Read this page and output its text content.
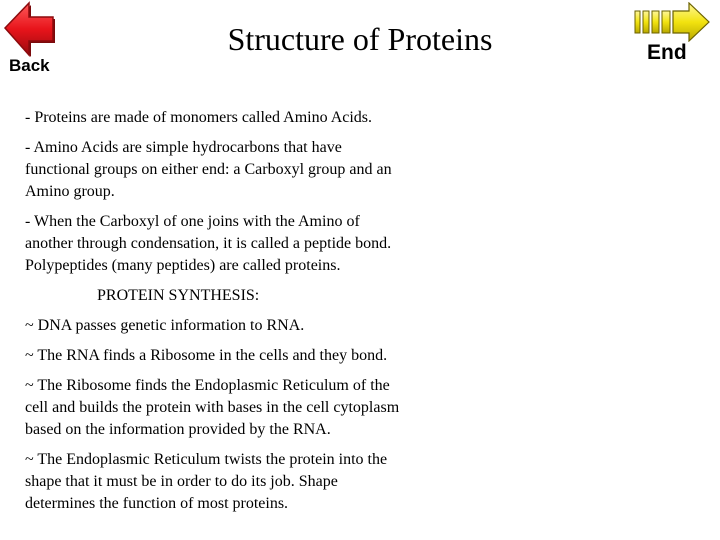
Back
End
Structure of Proteins

- Proteins are made of monomers called Amino Acids.

- Amino Acids are simple hydrocarbons that have
functional groups on either end: a Carboxyl group and an
Amino group.

- When the Carboxyl of one joins with the Amino of
another through condensation, it is called a peptide bond.
Polypeptides (many peptides) are called proteins.

PROTEIN SYNTHESIS:

~ DNA passes genetic information to RNA.

~ The RNA finds a Ribosome in the cells and they bond.

~ The Ribosome finds the Endoplasmic Reticulum of the
cell and builds the protein with bases in the cell cytoplasm
based on the information provided by the RNA.

~ The Endoplasmic Reticulum twists the protein into the
shape that it must be in order to do its job. Shape
determines the function of most proteins.
